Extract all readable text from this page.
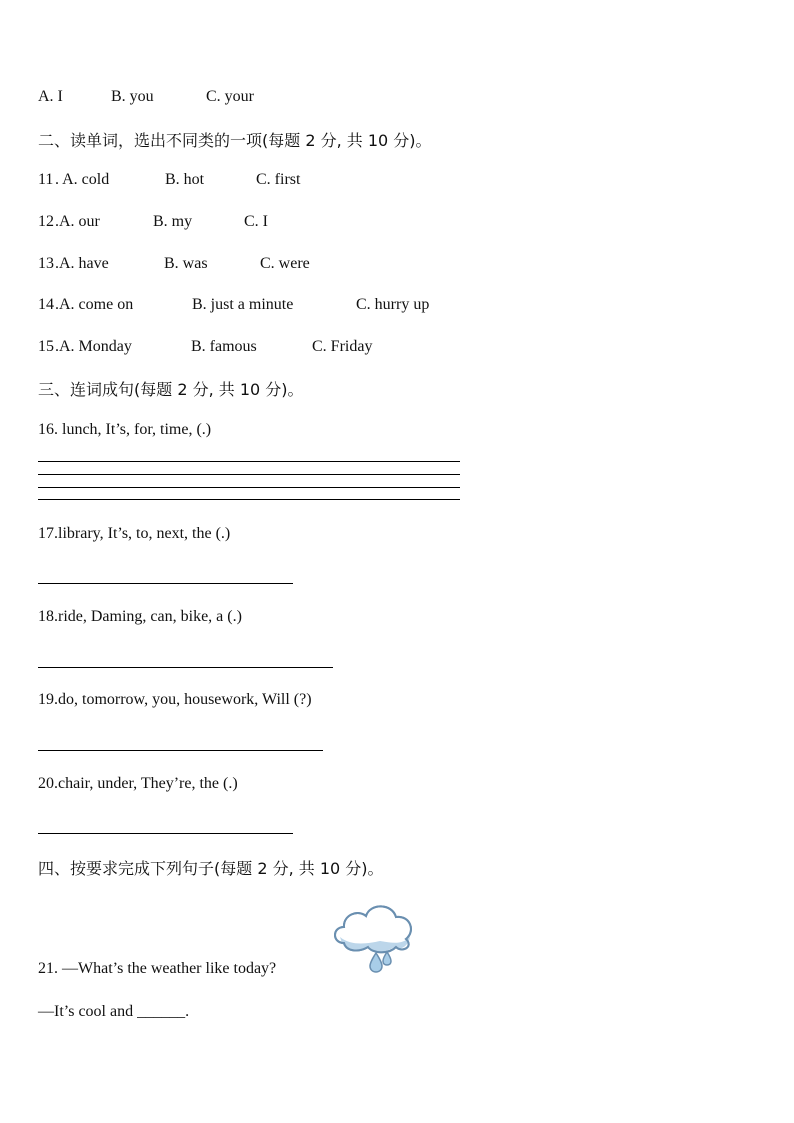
A. I	B. you	C. your
二、读单词，选出不同类的一项(每题 2 分, 共 10 分)。
11 . A. cold	B. hot	C. first
12 .A. our	B. my	C. I
13 .A. have	B. was	C. were
14 .A. come on	B. just a minute	C. hurry up
15 .A. Monday	B. famous	C. Friday
三、连词成句(每题 2 分, 共 10 分)。
16. lunch, It’s, for, time, (.)
17.library, It’s, to, next, the (.)
18.ride, Daming, can, bike, a (.)
19.do, tomorrow, you, housework, Will (?)
20.chair, under, They’re, the (.)
四、按要求完成下列句子(每题 2 分, 共 10 分)。
21. —What’s the weather like today?
—It’s cool and ______.
